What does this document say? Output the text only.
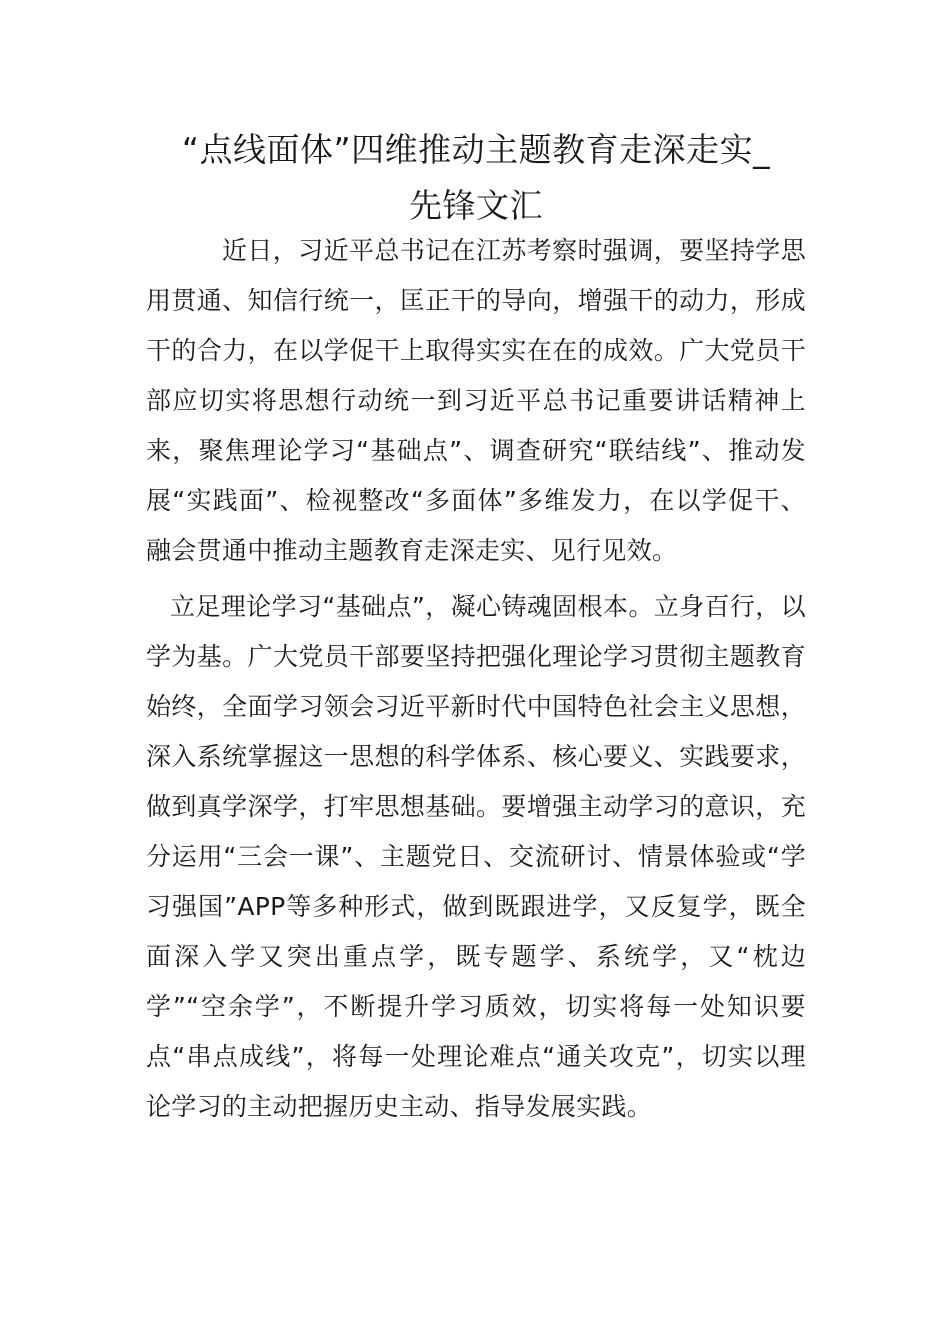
“点线面体”四维推动主题教育走深走实_
先锋文汇

近日，习近平总书记在江苏考察时强调，要坚持学思用贯通、知信行统一，匡正干的导向，增强干的动力，形成干的合力，在以学促干上取得实实在在的成效。广大党员干部应切实将思想行动统一到习近平总书记重要讲话精神上来，聚焦理论学习“基础点”、调查研究“联结线”、推动发展“实践面”、检视整改“多面体”多维发力，在以学促干、融会贯通中推动主题教育走深走实、见行见效。

立足理论学习“基础点”，凝心铸魂固根本。立身百行，以学为基。广大党员干部要坚持把强化理论学习贯彻主题教育始终，全面学习领会习近平新时代中国特色社会主义思想，深入系统掌握这一思想的科学体系、核心要义、实践要求，做到真学深学，打牢思想基础。要增强主动学习的意识，充分运用“三会一课”、主题党日、交流研讨、情景体验或“学习强国”APP等多种形式，做到既跟进学，又反复学，既全面深入学又突出重点学，既专题学、系统学，又“枕边学”“空余学”，不断提升学习质效，切实将每一处知识要点“串点成线”，将每一处理论难点“通关攻克”，切实以理论学习的主动把握历史主动、指导发展实践。
